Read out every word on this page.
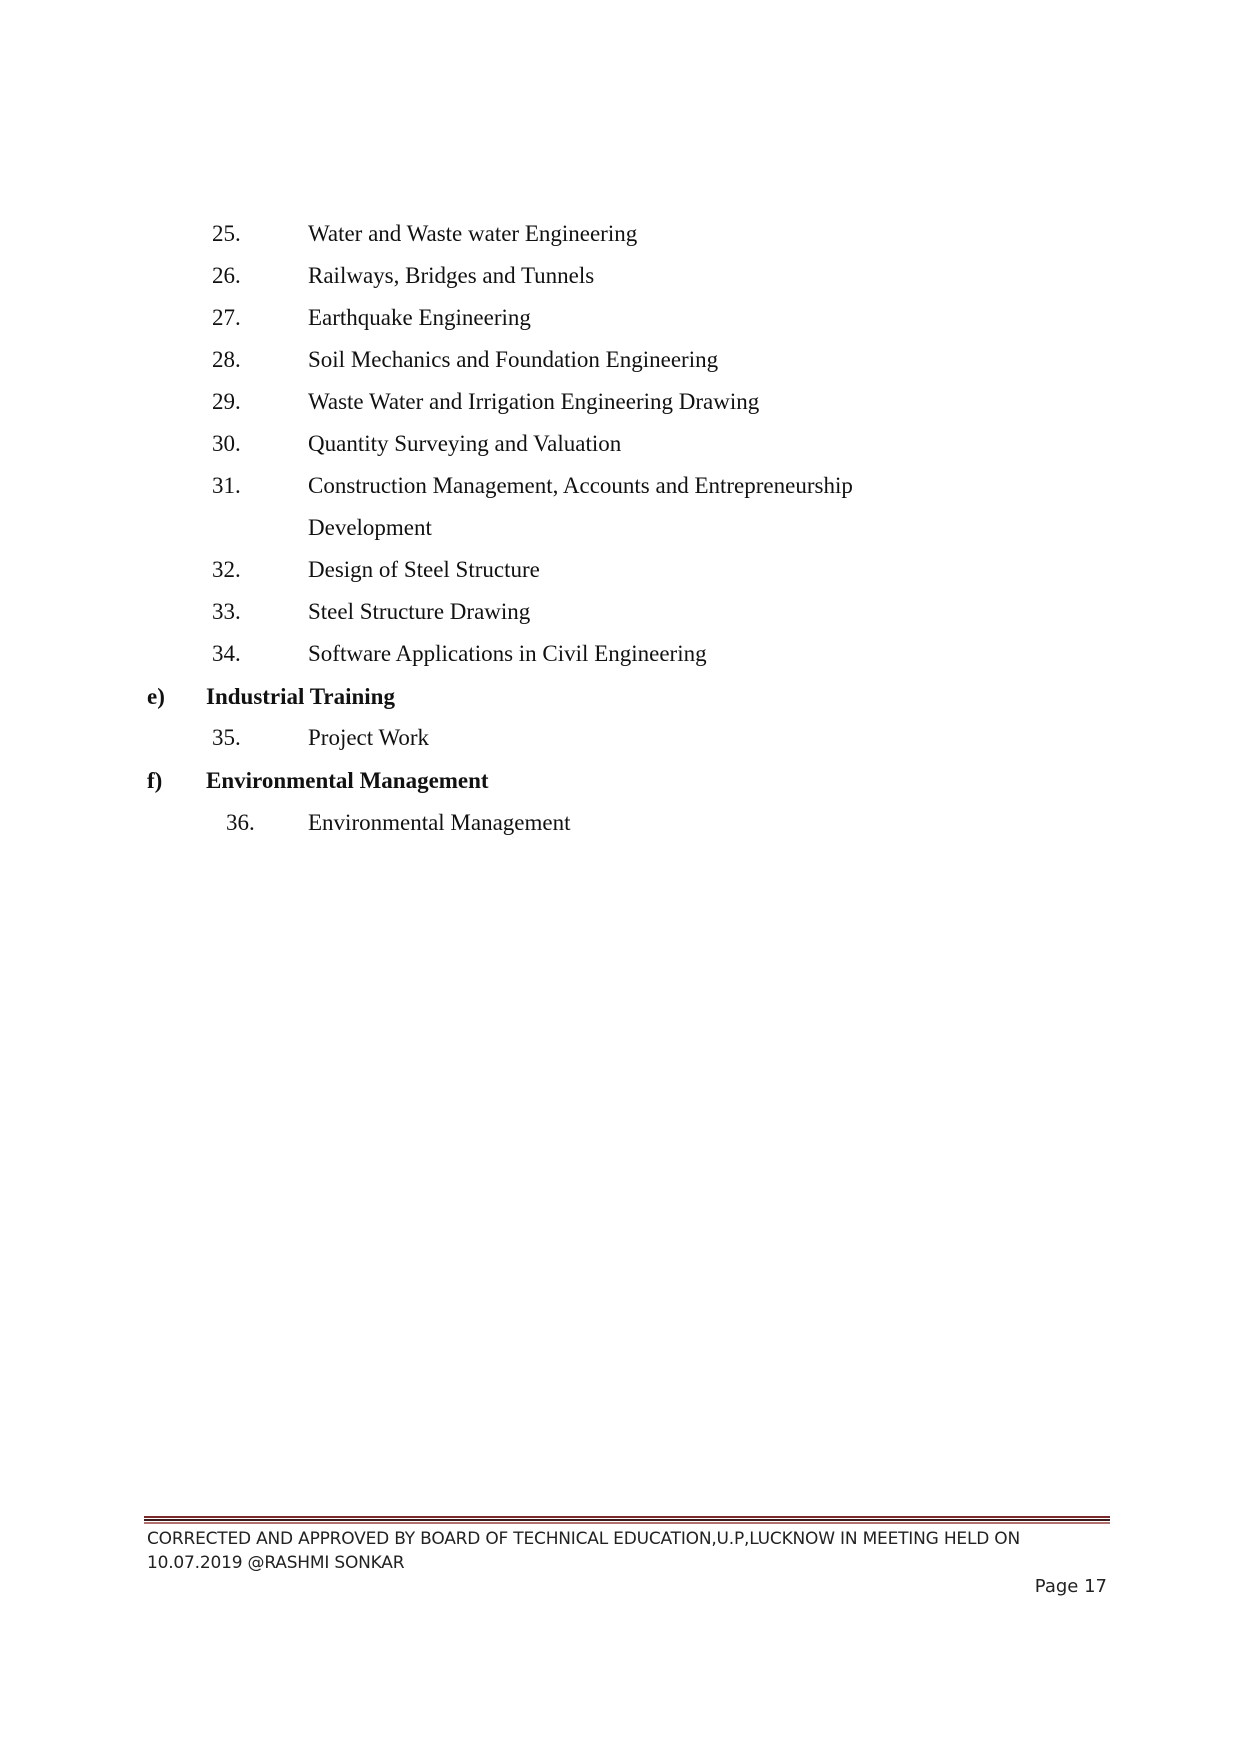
25.	Water and Waste water Engineering
26.	Railways, Bridges and Tunnels
27.	Earthquake Engineering
28.	Soil Mechanics and Foundation Engineering
29.	Waste Water and Irrigation Engineering Drawing
30.	Quantity Surveying and Valuation
31.	Construction Management, Accounts and Entrepreneurship
Development
32.	Design of Steel Structure
33.	Steel Structure Drawing
34.	Software Applications in Civil Engineering
e) Industrial Training
35.	Project Work
f) Environmental Management
36. Environmental Management
CORRECTED AND APPROVED BY BOARD OF TECHNICAL EDUCATION,U.P,LUCKNOW IN MEETING HELD ON
10.07.2019 @RASHMI SONKAR
Page 17
